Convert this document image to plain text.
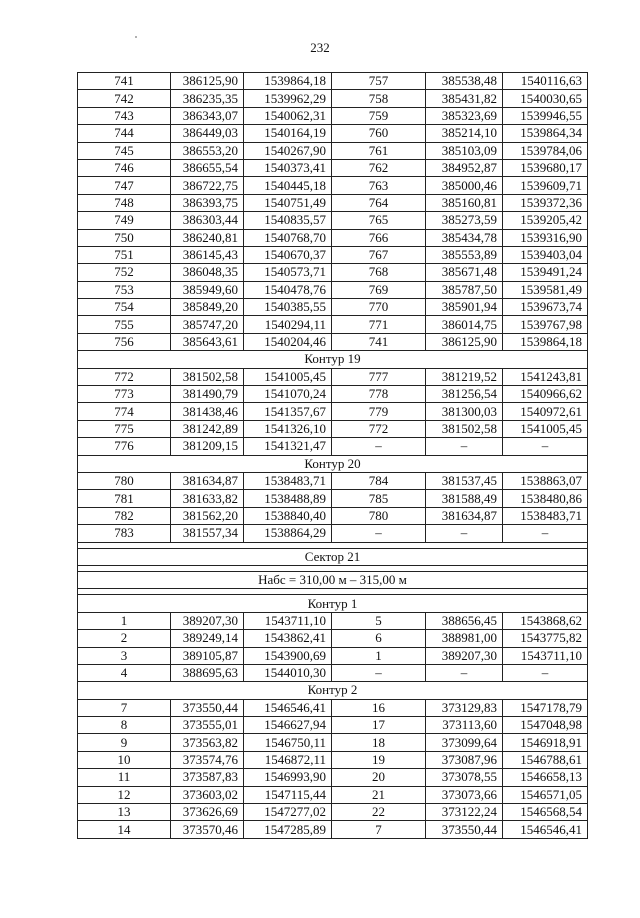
232
741	386125,90	1539864,18	757	385538,48	1540116,63
742	386235,35	1539962,29	758	385431,82	1540030,65
743	386343,07	1540062,31	759	385323,69	1539946,55
744	386449,03	1540164,19	760	385214,10	1539864,34
745	386553,20	1540267,90	761	385103,09	1539784,06
746	386655,54	1540373,41	762	384952,87	1539680,17
747	386722,75	1540445,18	763	385000,46	1539609,71
748	386393,75	1540751,49	764	385160,81	1539372,36
749	386303,44	1540835,57	765	385273,59	1539205,42
750	386240,81	1540768,70	766	385434,78	1539316,90
751	386145,43	1540670,37	767	385553,89	1539403,04
752	386048,35	1540573,71	768	385671,48	1539491,24
753	385949,60	1540478,76	769	385787,50	1539581,49
754	385849,20	1540385,55	770	385901,94	1539673,74
755	385747,20	1540294,11	771	386014,75	1539767,98
756	385643,61	1540204,46	741	386125,90	1539864,18
Контур 19					
772	381502,58	1541005,45	777	381219,52	1541243,81
773	381490,79	1541070,24	778	381256,54	1540966,62
774	381438,46	1541357,67	779	381300,03	1540972,61
775	381242,89	1541326,10	772	381502,58	1541005,45
776	381209,15	1541321,47	–	–	–
Контур 20					
780	381634,87	1538483,71	784	381537,45	1538863,07
781	381633,82	1538488,89	785	381588,49	1538480,86
782	381562,20	1538840,40	780	381634,87	1538483,71
783	381557,34	1538864,29	–	–	–

Сектор 21					

Набс = 310,00 м – 315,00 м					

Контур 1					
1	389207,30	1543711,10	5	388656,45	1543868,62
2	389249,14	1543862,41	6	388981,00	1543775,82
3	389105,87	1543900,69	1	389207,30	1543711,10
4	388695,63	1544010,30	–	–	–
Контур 2					
7	373550,44	1546546,41	16	373129,83	1547178,79
8	373555,01	1546627,94	17	373113,60	1547048,98
9	373563,82	1546750,11	18	373099,64	1546918,91
10	373574,76	1546872,11	19	373087,96	1546788,61
11	373587,83	1546993,90	20	373078,55	1546658,13
12	373603,02	1547115,44	21	373073,66	1546571,05
13	373626,69	1547277,02	22	373122,24	1546568,54
14	373570,46	1547285,89	7	373550,44	1546546,41
